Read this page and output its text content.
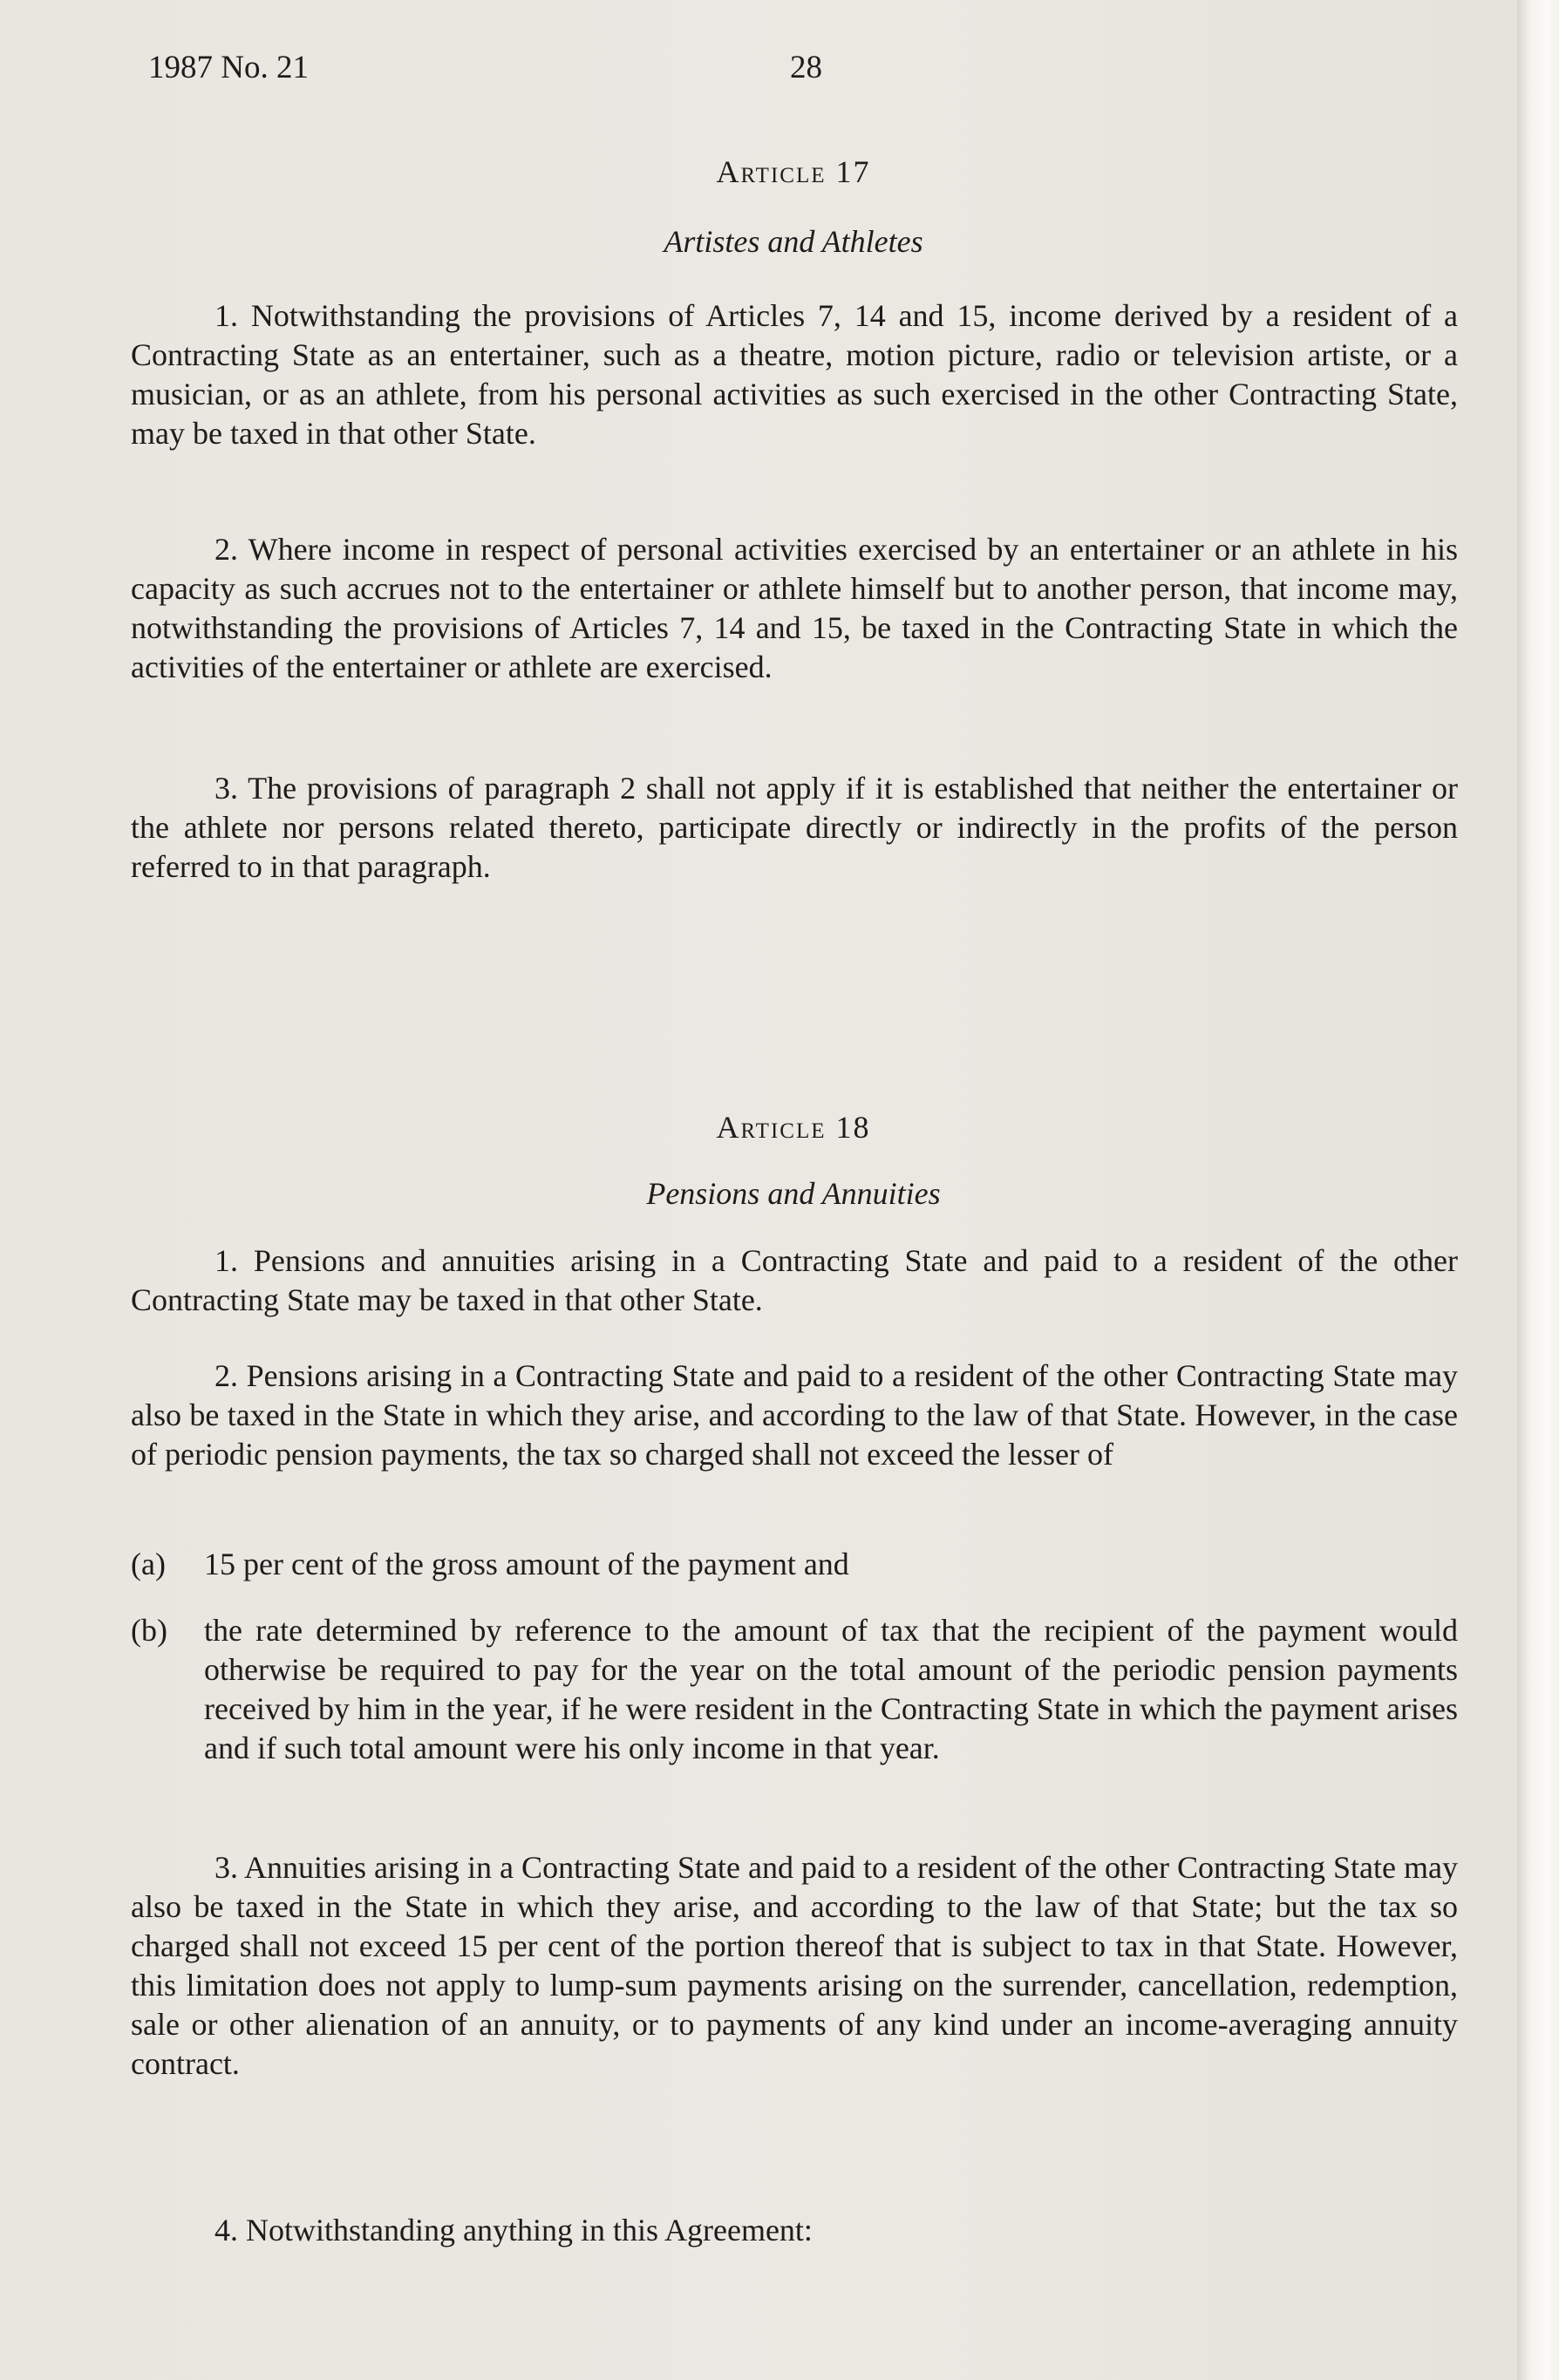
1987 No. 21	28
Article 17
Artistes and Athletes

1. Notwithstanding the provisions of Articles 7, 14 and 15, income derived by a resident of a Contracting State as an entertainer, such as a theatre, motion picture, radio or television artiste, or a musician, or as an athlete, from his personal activities as such exercised in the other Contracting State, may be taxed in that other State.

2. Where income in respect of personal activities exercised by an entertainer or an athlete in his capacity as such accrues not to the entertainer or athlete himself but to another person, that income may, notwithstanding the provisions of Articles 7, 14 and 15, be taxed in the Contracting State in which the activities of the entertainer or athlete are exercised.

3. The provisions of paragraph 2 shall not apply if it is established that neither the entertainer or the athlete nor persons related thereto, participate directly or indirectly in the profits of the person referred to in that paragraph.

Article 18
Pensions and Annuities

1. Pensions and annuities arising in a Contracting State and paid to a resident of the other Contracting State may be taxed in that other State.

2. Pensions arising in a Contracting State and paid to a resident of the other Contracting State may also be taxed in the State in which they arise, and according to the law of that State. However, in the case of periodic pension payments, the tax so charged shall not exceed the lesser of

(a) 15 per cent of the gross amount of the payment and
(b) the rate determined by reference to the amount of tax that the recipient of the payment would otherwise be required to pay for the year on the total amount of the periodic pension payments received by him in the year, if he were resident in the Contracting State in which the payment arises and if such total amount were his only income in that year.

3. Annuities arising in a Contracting State and paid to a resident of the other Contracting State may also be taxed in the State in which they arise, and according to the law of that State; but the tax so charged shall not exceed 15 per cent of the portion thereof that is subject to tax in that State. However, this limitation does not apply to lump-sum payments arising on the surrender, cancellation, redemption, sale or other alienation of an annuity, or to payments of any kind under an income-averaging annuity contract.

4. Notwithstanding anything in this Agreement:
